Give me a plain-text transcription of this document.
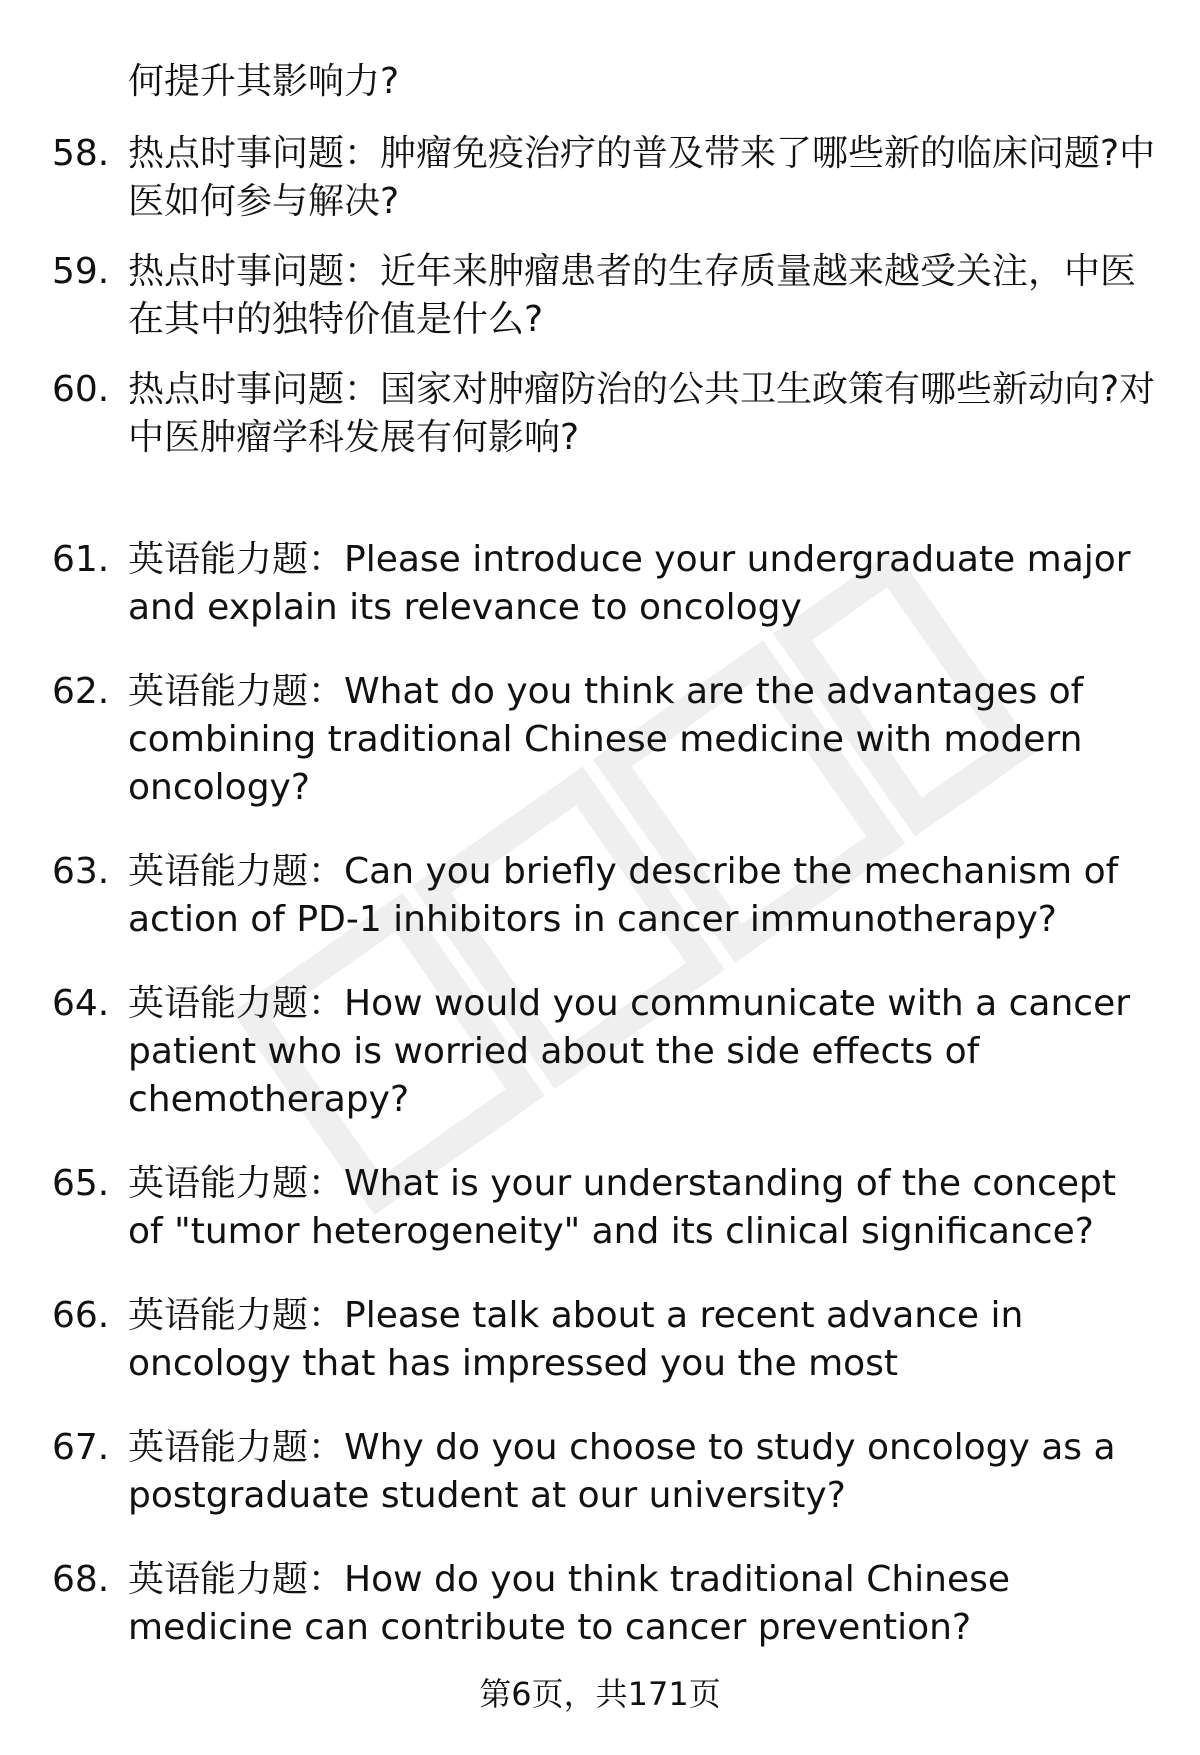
何提升其影响力?
58. 热点时事问题：肿瘤免疫治疗的普及带来了哪些新的临床问题?中医如何参与解决?
59. 热点时事问题：近年来肿瘤患者的生存质量越来越受关注，中医在其中的独特价值是什么?
60. 热点时事问题：国家对肿瘤防治的公共卫生政策有哪些新动向?对中医肿瘤学科发展有何影响?
61. 英语能力题：Please introduce your undergraduate major and explain its relevance to oncology
62. 英语能力题：What do you think are the advantages of combining traditional Chinese medicine with modern oncology?
63. 英语能力题：Can you briefly describe the mechanism of action of PD-1 inhibitors in cancer immunotherapy?
64. 英语能力题：How would you communicate with a cancer patient who is worried about the side effects of chemotherapy?
65. 英语能力题：What is your understanding of the concept of "tumor heterogeneity" and its clinical significance?
66. 英语能力题：Please talk about a recent advance in oncology that has impressed you the most
67. 英语能力题：Why do you choose to study oncology as a postgraduate student at our university?
68. 英语能力题：How do you think traditional Chinese medicine can contribute to cancer prevention?
第6页，共171页
